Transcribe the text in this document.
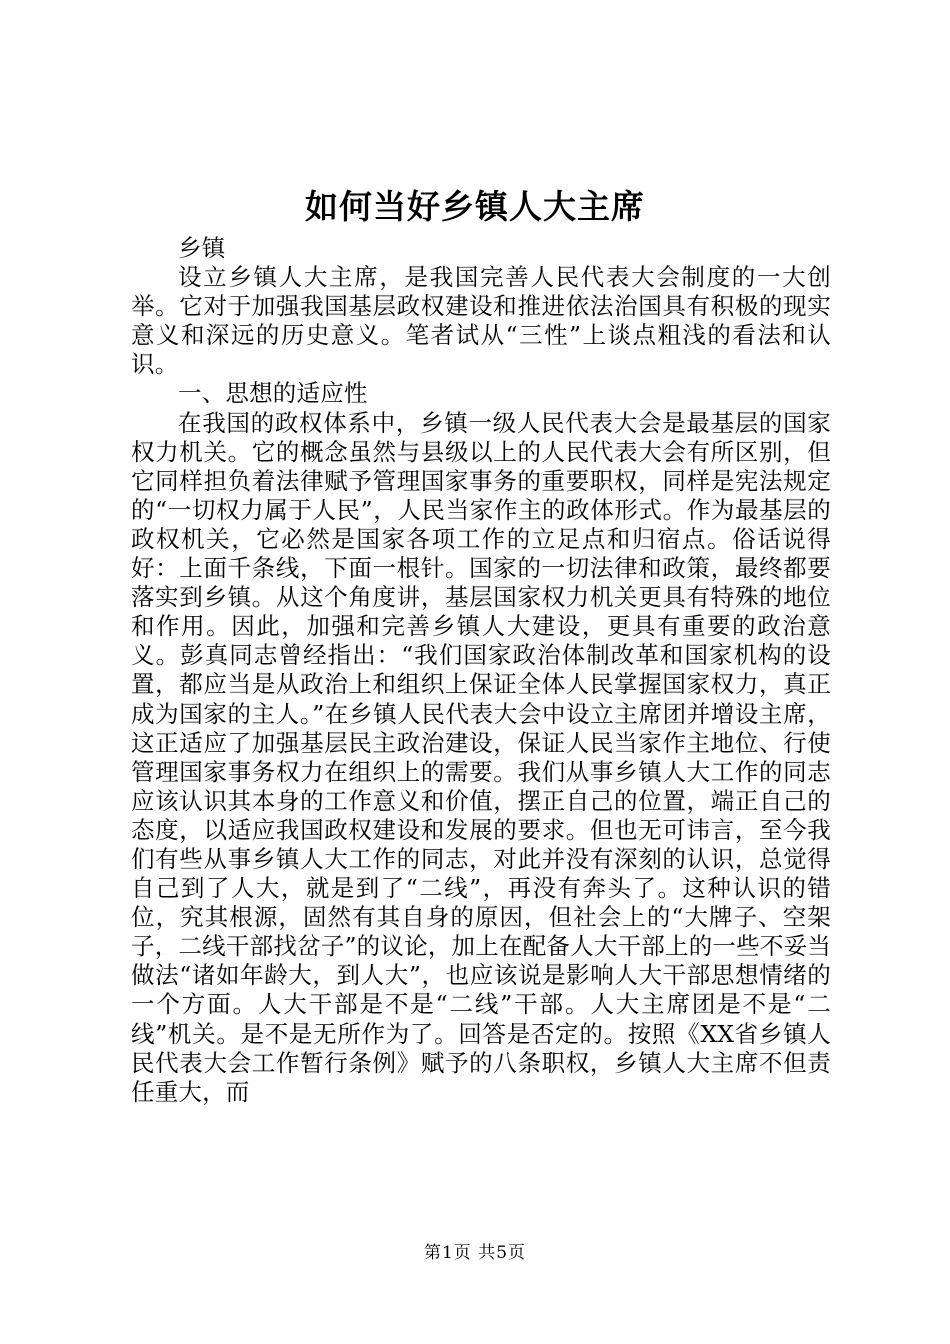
如何当好乡镇人大主席

乡镇

设立乡镇人大主席，是我国完善人民代表大会制度的一大创举。它对于加强我国基层政权建设和推进依法治国具有积极的现实意义和深远的历史意义。笔者试从“三性”上谈点粗浅的看法和认识。

一、思想的适应性

在我国的政权体系中，乡镇一级人民代表大会是最基层的国家权力机关。它的概念虽然与县级以上的人民代表大会有所区别，但它同样担负着法律赋予管理国家事务的重要职权，同样是宪法规定的“一切权力属于人民”，人民当家作主的政体形式。作为最基层的政权机关，它必然是国家各项工作的立足点和归宿点。俗话说得好：上面千条线，下面一根针。国家的一切法律和政策，最终都要落实到乡镇。从这个角度讲，基层国家权力机关更具有特殊的地位和作用。因此，加强和完善乡镇人大建设，更具有重要的政治意义。彭真同志曾经指出：“我们国家政治体制改革和国家机构的设置，都应当是从政治上和组织上保证全体人民掌握国家权力，真正成为国家的主人。”在乡镇人民代表大会中设立主席团并增设主席，这正适应了加强基层民主政治建设，保证人民当家作主地位、行使管理国家事务权力在组织上的需要。我们从事乡镇人大工作的同志应该认识其本身的工作意义和价值，摆正自己的位置，端正自己的态度，以适应我国政权建设和发展的要求。但也无可讳言，至今我们有些从事乡镇人大工作的同志，对此并没有深刻的认识，总觉得自己到了人大，就是到了“二线”，再没有奔头了。这种认识的错位，究其根源，固然有其自身的原因，但社会上的“大牌子、空架子，二线干部找岔子”的议论，加上在配备人大干部上的一些不妥当做法“诸如年龄大，到人大”，也应该说是影响人大干部思想情绪的一个方面。人大干部是不是“二线”干部。人大主席团是不是“二线”机关。是不是无所作为了。回答是否定的。按照《XX省乡镇人民代表大会工作暂行条例》赋予的八条职权，乡镇人大主席不但责任重大，而

第1页 共5页
